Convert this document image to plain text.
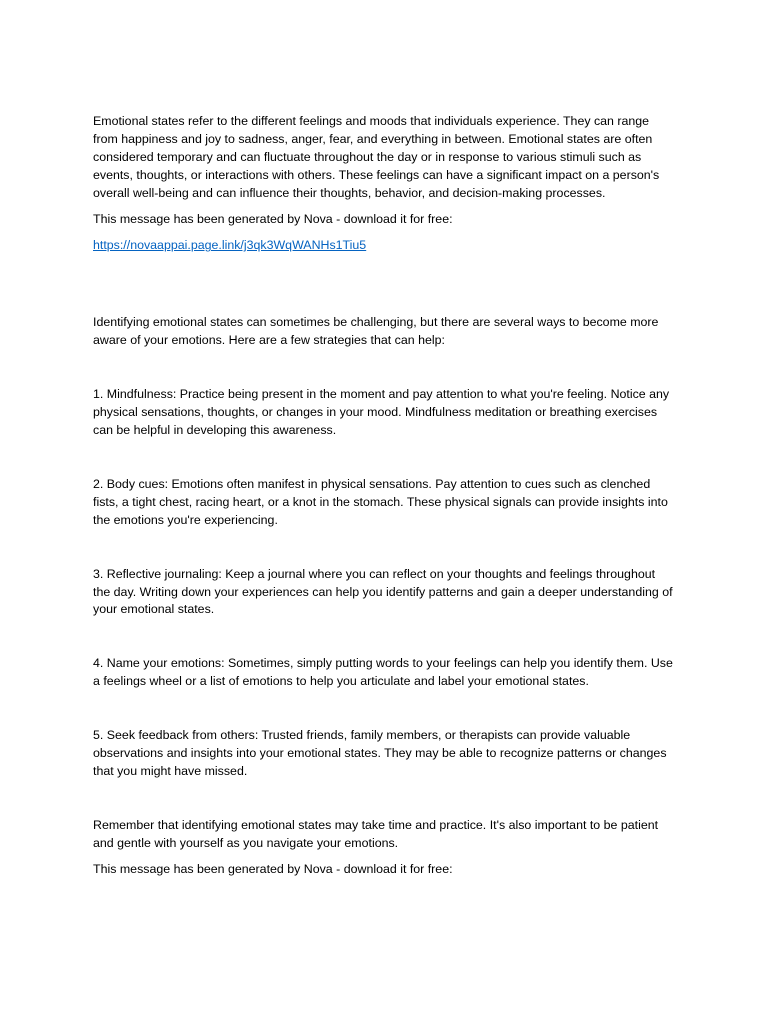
Emotional states refer to the different feelings and moods that individuals experience. They can range from happiness and joy to sadness, anger, fear, and everything in between. Emotional states are often considered temporary and can fluctuate throughout the day or in response to various stimuli such as events, thoughts, or interactions with others. These feelings can have a significant impact on a person's overall well-being and can influence their thoughts, behavior, and decision-making processes.

This message has been generated by Nova - download it for free:

https://novaappai.page.link/j3qk3WqWANHs1Tiu5

Identifying emotional states can sometimes be challenging, but there are several ways to become more aware of your emotions. Here are a few strategies that can help:

1. Mindfulness: Practice being present in the moment and pay attention to what you're feeling. Notice any physical sensations, thoughts, or changes in your mood. Mindfulness meditation or breathing exercises can be helpful in developing this awareness.

2. Body cues: Emotions often manifest in physical sensations. Pay attention to cues such as clenched fists, a tight chest, racing heart, or a knot in the stomach. These physical signals can provide insights into the emotions you're experiencing.

3. Reflective journaling: Keep a journal where you can reflect on your thoughts and feelings throughout the day. Writing down your experiences can help you identify patterns and gain a deeper understanding of your emotional states.

4. Name your emotions: Sometimes, simply putting words to your feelings can help you identify them. Use a feelings wheel or a list of emotions to help you articulate and label your emotional states.

5. Seek feedback from others: Trusted friends, family members, or therapists can provide valuable observations and insights into your emotional states. They may be able to recognize patterns or changes that you might have missed.

Remember that identifying emotional states may take time and practice. It's also important to be patient and gentle with yourself as you navigate your emotions.

This message has been generated by Nova - download it for free:
